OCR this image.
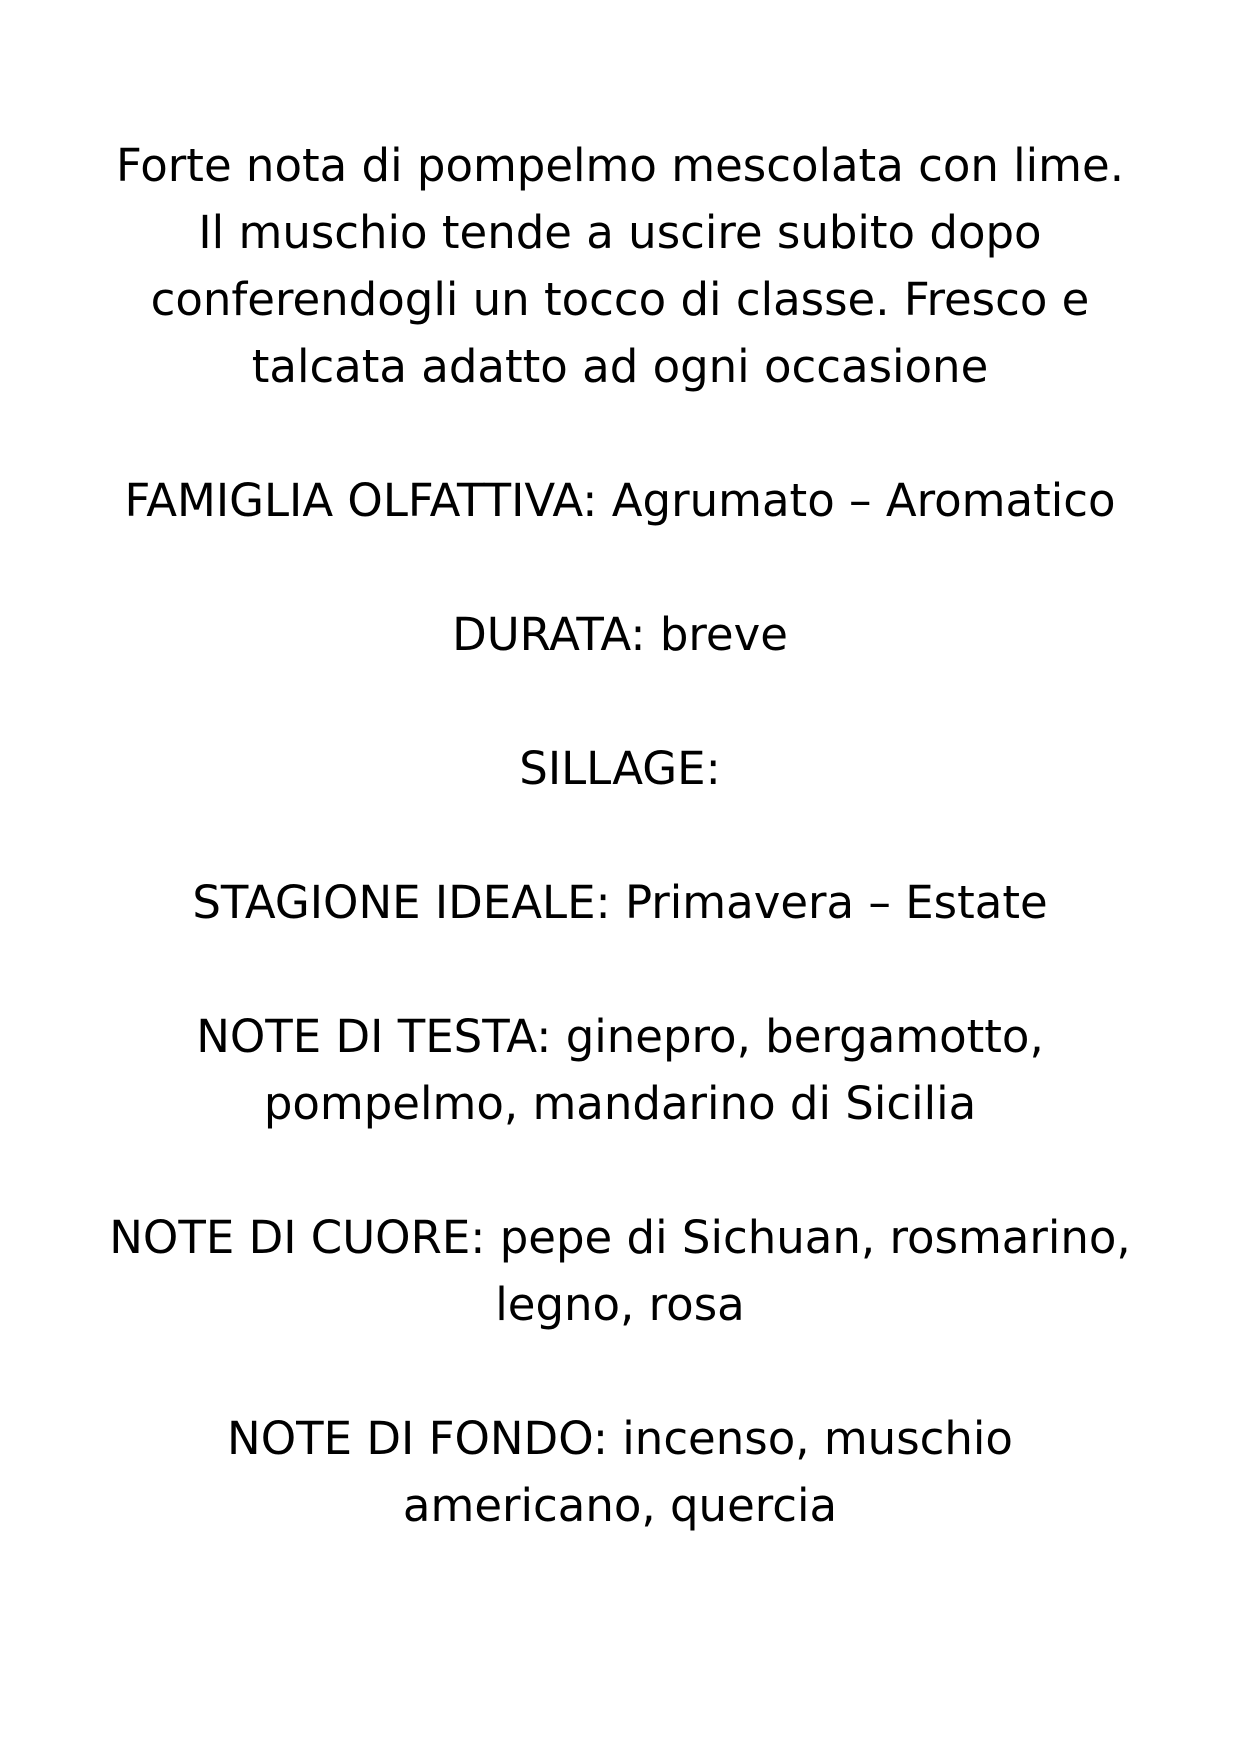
Forte nota di pompelmo mescolata con lime.
Il muschio tende a uscire subito dopo
conferendogli un tocco di classe. Fresco e
talcata adatto ad ogni occasione

FAMIGLIA OLFATTIVA: Agrumato – Aromatico

DURATA: breve

SILLAGE:

STAGIONE IDEALE: Primavera – Estate

NOTE DI TESTA: ginepro, bergamotto,
pompelmo, mandarino di Sicilia

NOTE DI CUORE: pepe di Sichuan, rosmarino,
legno, rosa

NOTE DI FONDO: incenso, muschio
americano, quercia
